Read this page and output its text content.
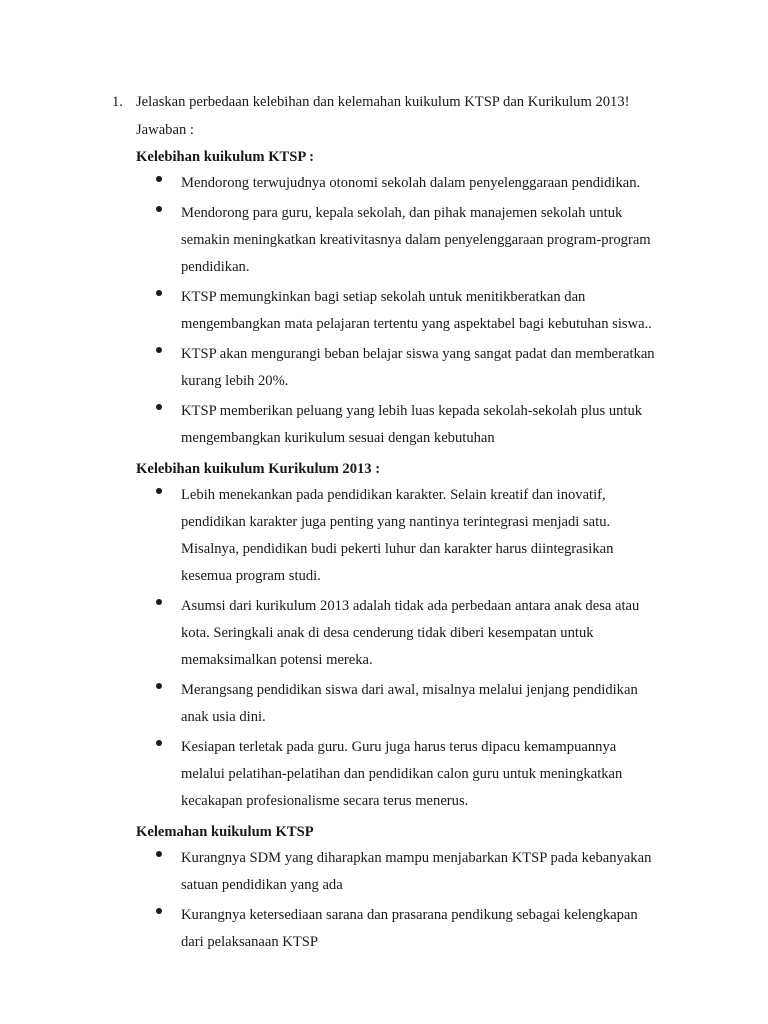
1. Jelaskan perbedaan kelebihan dan kelemahan kuikulum KTSP dan Kurikulum 2013!
Jawaban :
Kelebihan kuikulum KTSP :
Mendorong terwujudnya otonomi sekolah dalam penyelenggaraan pendidikan.
Mendorong para guru, kepala sekolah, dan pihak manajemen sekolah untuk
semakin meningkatkan kreativitasnya dalam penyelenggaraan program-program
pendidikan.
KTSP memungkinkan bagi setiap sekolah untuk menitikberatkan dan
mengembangkan mata pelajaran tertentu yang aspektabel bagi kebutuhan siswa..
KTSP akan mengurangi beban belajar siswa yang sangat padat dan memberatkan
kurang lebih 20%.
KTSP memberikan peluang yang lebih luas kepada sekolah-sekolah plus untuk
mengembangkan kurikulum sesuai dengan kebutuhan
Kelebihan kuikulum Kurikulum 2013 :
Lebih menekankan pada pendidikan karakter. Selain kreatif dan inovatif,
pendidikan karakter juga penting yang nantinya terintegrasi menjadi satu.
Misalnya, pendidikan budi pekerti luhur dan karakter harus diintegrasikan
kesemua program studi.
Asumsi dari kurikulum 2013 adalah tidak ada perbedaan antara anak desa atau
kota. Seringkali anak di desa cenderung tidak diberi kesempatan untuk
memaksimalkan potensi mereka.
Merangsang pendidikan siswa dari awal, misalnya melalui jenjang pendidikan
anak usia dini.
Kesiapan terletak pada guru. Guru juga harus terus dipacu kemampuannya
melalui pelatihan-pelatihan dan pendidikan calon guru untuk meningkatkan
kecakapan profesionalisme secara terus menerus.
Kelemahan kuikulum KTSP
Kurangnya SDM yang diharapkan mampu menjabarkan KTSP pada kebanyakan
satuan pendidikan yang ada
Kurangnya ketersediaan sarana dan prasarana pendikung sebagai kelengkapan
dari pelaksanaan KTSP
